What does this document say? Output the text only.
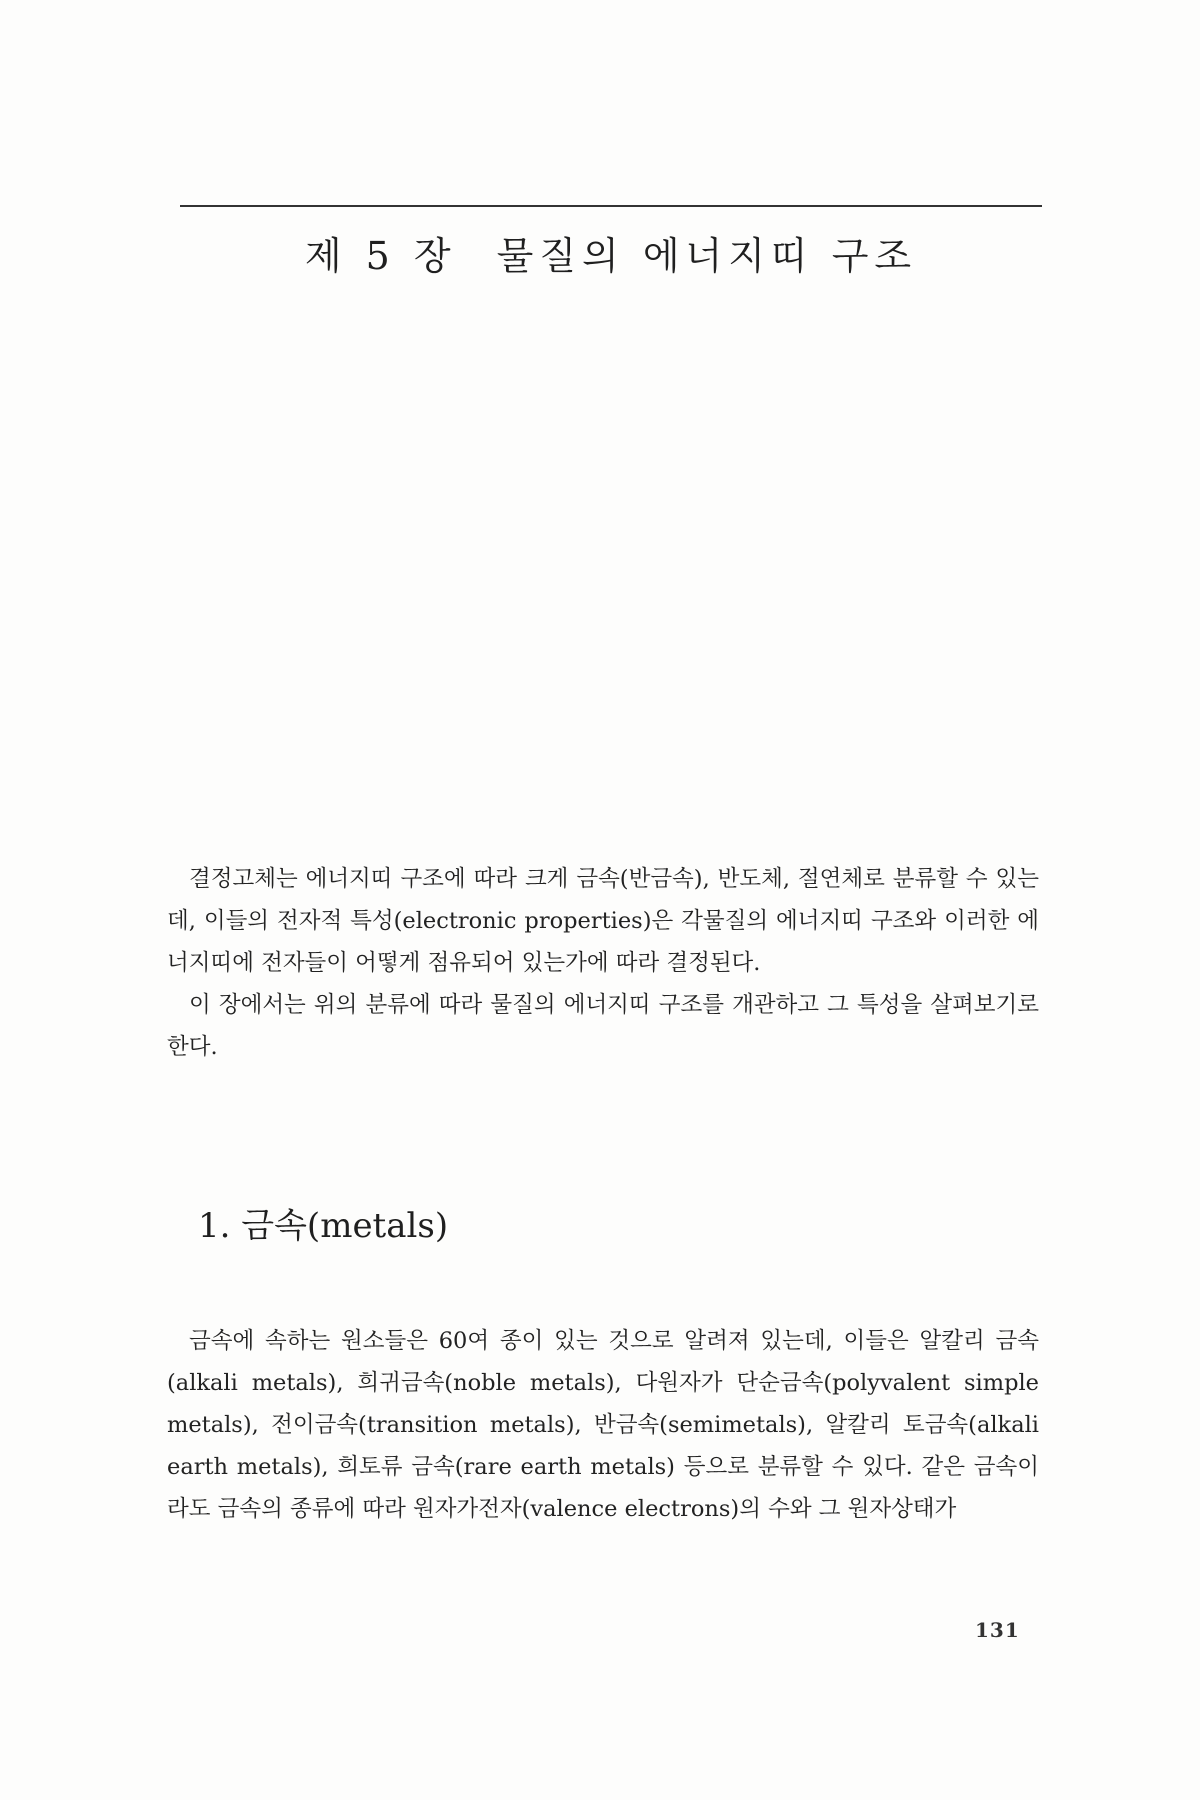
제 5 장 물질의 에너지띠 구조

결정고체는 에너지띠 구조에 따라 크게 금속(반금속), 반도체, 절연체로 분류할 수 있는데, 이들의 전자적 특성(electronic properties)은 각물질의 에너지띠 구조와 이러한 에너지띠에 전자들이 어떻게 점유되어 있는가에 따라 결정된다.

이 장에서는 위의 분류에 따라 물질의 에너지띠 구조를 개관하고 그 특성을 살펴보기로 한다.

1. 금속(metals)

금속에 속하는 원소들은 60여 종이 있는 것으로 알려져 있는데, 이들은 알칼리 금속(alkali metals), 희귀금속(noble metals), 다원자가 단순금속(polyvalent simple metals), 전이금속(transition metals), 반금속(semimetals), 알칼리 토금속(alkali earth metals), 희토류 금속(rare earth metals) 등으로 분류할 수 있다. 같은 금속이라도 금속의 종류에 따라 원자가전자(valence electrons)의 수와 그 원자상태가

131
